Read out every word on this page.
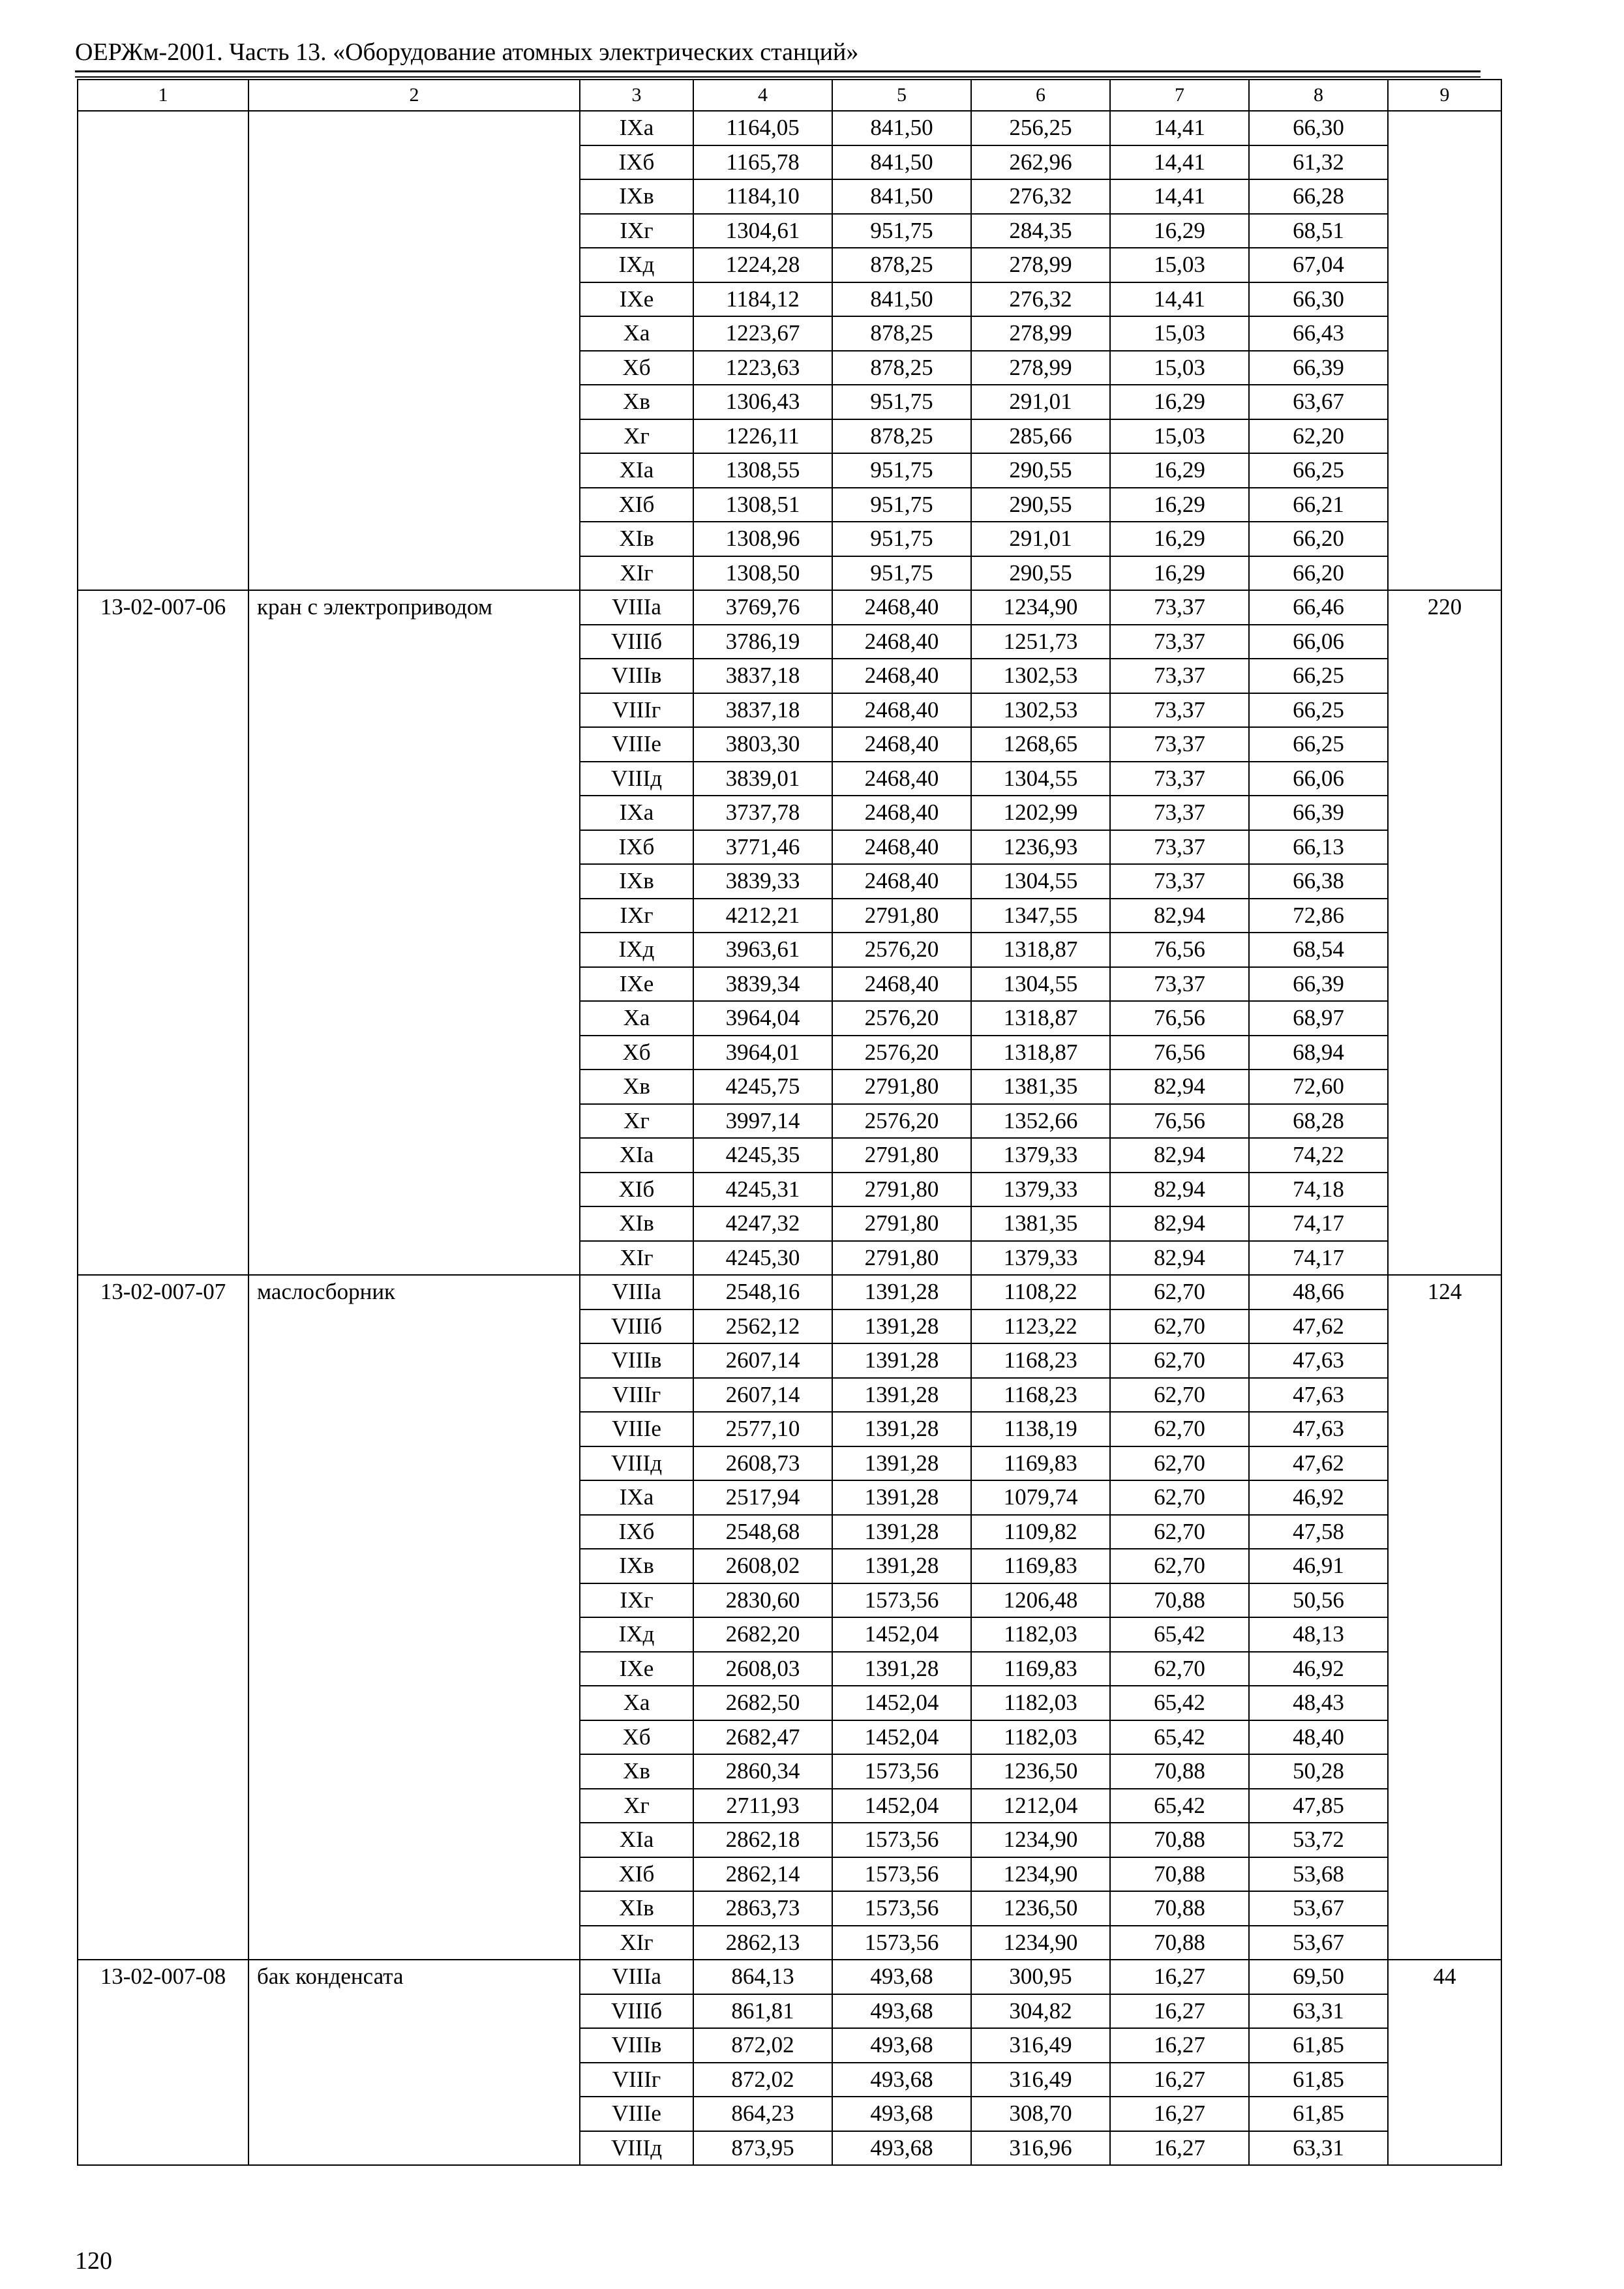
ОЕРЖм-2001. Часть 13. «Оборудование атомных электрических станций»
1	2	3	4	5	6	7	8	9
		IXа	1164,05	841,50	256,25	14,41	66,30	
		IXб	1165,78	841,50	262,96	14,41	61,32	
		IXв	1184,10	841,50	276,32	14,41	66,28	
		IXг	1304,61	951,75	284,35	16,29	68,51	
		IXд	1224,28	878,25	278,99	15,03	67,04	
		IXе	1184,12	841,50	276,32	14,41	66,30	
		Xа	1223,67	878,25	278,99	15,03	66,43	
		Xб	1223,63	878,25	278,99	15,03	66,39	
		Xв	1306,43	951,75	291,01	16,29	63,67	
		Xг	1226,11	878,25	285,66	15,03	62,20	
		XIа	1308,55	951,75	290,55	16,29	66,25	
		XIб	1308,51	951,75	290,55	16,29	66,21	
		XIв	1308,96	951,75	291,01	16,29	66,20	
		XIг	1308,50	951,75	290,55	16,29	66,20	
13-02-007-06	кран с электроприводом	VIIIа	3769,76	2468,40	1234,90	73,37	66,46	220
		VIIIб	3786,19	2468,40	1251,73	73,37	66,06	
		VIIIв	3837,18	2468,40	1302,53	73,37	66,25	
		VIIIг	3837,18	2468,40	1302,53	73,37	66,25	
		VIIIе	3803,30	2468,40	1268,65	73,37	66,25	
		VIIIд	3839,01	2468,40	1304,55	73,37	66,06	
		IXа	3737,78	2468,40	1202,99	73,37	66,39	
		IXб	3771,46	2468,40	1236,93	73,37	66,13	
		IXв	3839,33	2468,40	1304,55	73,37	66,38	
		IXг	4212,21	2791,80	1347,55	82,94	72,86	
		IXд	3963,61	2576,20	1318,87	76,56	68,54	
		IXе	3839,34	2468,40	1304,55	73,37	66,39	
		Xа	3964,04	2576,20	1318,87	76,56	68,97	
		Xб	3964,01	2576,20	1318,87	76,56	68,94	
		Xв	4245,75	2791,80	1381,35	82,94	72,60	
		Xг	3997,14	2576,20	1352,66	76,56	68,28	
		XIа	4245,35	2791,80	1379,33	82,94	74,22	
		XIб	4245,31	2791,80	1379,33	82,94	74,18	
		XIв	4247,32	2791,80	1381,35	82,94	74,17	
		XIг	4245,30	2791,80	1379,33	82,94	74,17	
13-02-007-07	маслосборник	VIIIа	2548,16	1391,28	1108,22	62,70	48,66	124
		VIIIб	2562,12	1391,28	1123,22	62,70	47,62	
		VIIIв	2607,14	1391,28	1168,23	62,70	47,63	
		VIIIг	2607,14	1391,28	1168,23	62,70	47,63	
		VIIIе	2577,10	1391,28	1138,19	62,70	47,63	
		VIIIд	2608,73	1391,28	1169,83	62,70	47,62	
		IXа	2517,94	1391,28	1079,74	62,70	46,92	
		IXб	2548,68	1391,28	1109,82	62,70	47,58	
		IXв	2608,02	1391,28	1169,83	62,70	46,91	
		IXг	2830,60	1573,56	1206,48	70,88	50,56	
		IXд	2682,20	1452,04	1182,03	65,42	48,13	
		IXе	2608,03	1391,28	1169,83	62,70	46,92	
		Xа	2682,50	1452,04	1182,03	65,42	48,43	
		Xб	2682,47	1452,04	1182,03	65,42	48,40	
		Xв	2860,34	1573,56	1236,50	70,88	50,28	
		Xг	2711,93	1452,04	1212,04	65,42	47,85	
		XIа	2862,18	1573,56	1234,90	70,88	53,72	
		XIб	2862,14	1573,56	1234,90	70,88	53,68	
		XIв	2863,73	1573,56	1236,50	70,88	53,67	
		XIг	2862,13	1573,56	1234,90	70,88	53,67	
13-02-007-08	бак конденсата	VIIIа	864,13	493,68	300,95	16,27	69,50	44
		VIIIб	861,81	493,68	304,82	16,27	63,31	
		VIIIв	872,02	493,68	316,49	16,27	61,85	
		VIIIг	872,02	493,68	316,49	16,27	61,85	
		VIIIе	864,23	493,68	308,70	16,27	61,85	
		VIIIд	873,95	493,68	316,96	16,27	63,31	
120
